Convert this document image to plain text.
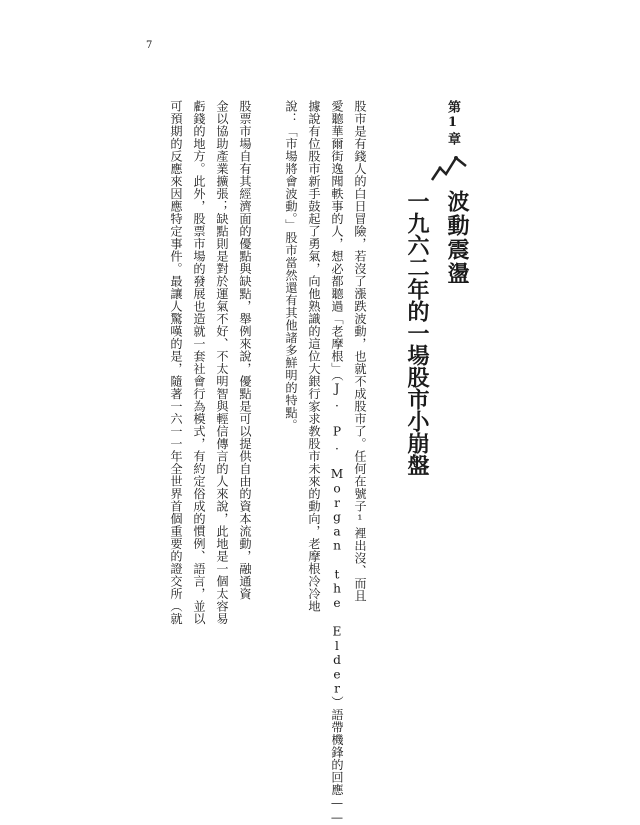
7
第1章
波動震盪
一九六二年的一場股市小崩盤
股市是有錢人的白日冒險，若沒了漲跌波動，也就不成股市了。任何在號子¹裡出沒、而且
愛聽華爾街逸聞軼事的人，想必都聽過「老摩根」（J. P. Morgan the Elder）語帶機鋒的回應——
據說有位股市新手鼓起了勇氣，向他熟識的這位大銀行家求教股市未來的動向，老摩根冷冷地
說：「市場將會波動。」股市當然還有其他諸多鮮明的特點。
股票市場自有其經濟面的優點與缺點，舉例來說，優點是可以提供自由的資本流動，融通資
金以協助產業擴張；缺點則是對於運氣不好、不太明智與輕信傳言的人來說，此地是一個太容易
虧錢的地方。此外，股票市場的發展也造就一套社會行為模式，有約定俗成的慣例、語言，並以
可預期的反應來因應特定事件。最讓人驚嘆的是，隨著一六一一年全世界首個重要的證交所（就
